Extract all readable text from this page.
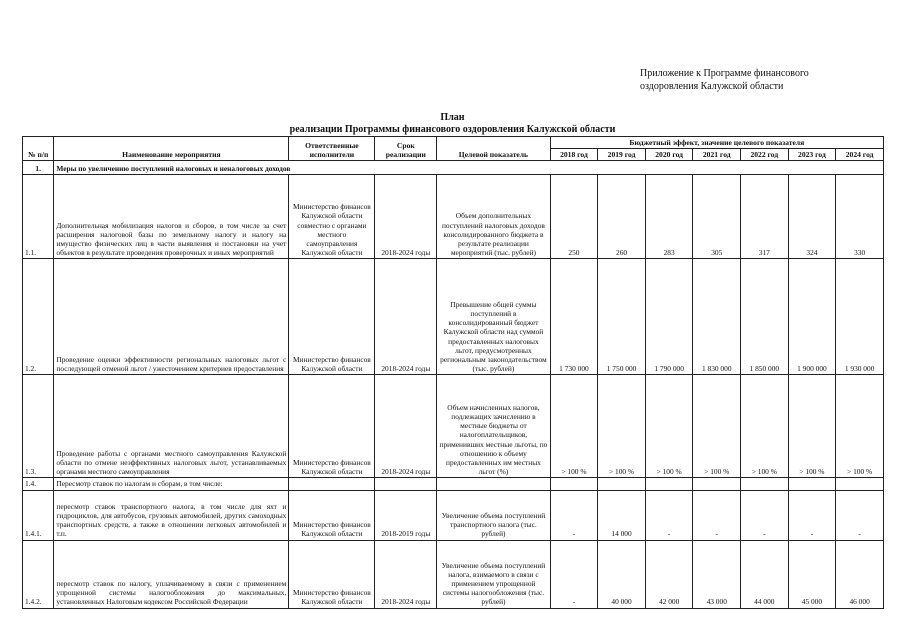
Приложение к Программе финансового
оздоровления Калужской области
План
реализации Программы финансового оздоровления Калужской области
№ п/п	Наименование мероприятия	Ответственные исполнители	Срок реализации	Целевой показатель	Бюджетный эффект, значение целевого показателя						
					2018 год	2019 год	2020 год	2021 год	2022 год	2023 год	2024 год
1.	Меры по увеличению поступлений налоговых и неналоговых доходов										
1.1.	Дополнительная мобилизация налогов и сборов, в том числе за счет расширения налоговой базы по земельному налогу и налогу на имущество физических лиц в части выявления и постановки на учет объектов в результате проведения проверочных и иных мероприятий	Министерство финансов Калужской области совместно с органами местного самоуправления Калужской области	2018-2024 годы	Объем дополнительных поступлений налоговых доходов консолидированного бюджета в результате реализации мероприятий (тыс. рублей)	250	260	283	305	317	324	330
1.2.	Проведение оценки эффективности региональных налоговых льгот с последующей отменой льгот / ужесточением критериев предоставления	Министерство финансов Калужской области	2018-2024 годы	Превышение общей суммы поступлений в консолидированный бюджет Калужской области над суммой предоставленных налоговых льгот, предусмотренных региональным законодательством (тыс. рублей)	1 730 000	1 750 000	1 790 000	1 830 000	1 850 000	1 900 000	1 930 000
1.3.	Проведение работы с органами местного самоуправления Калужской области по отмене неэффективных налоговых льгот, устанавливаемых органами местного самоуправления	Министерство финансов Калужской области	2018-2024 годы	Объем начисленных налогов, подлежащих зачислению в местные бюджеты от налогоплательщиков, применивших местные льготы, по отношению к объему предоставленных им местных льгот (%)	> 100 %	> 100 %	> 100 %	> 100 %	> 100 %	> 100 %	> 100 %
1.4.	Пересмотр ставок по налогам и сборам, в том числе:										
1.4.1.	пересмотр ставок транспортного налога, в том числе для яхт и гидроциклов, для автобусов, грузовых автомобилей, других самоходных транспортных средств, а также в отношении легковых автомобилей и т.п.	Министерство финансов Калужской области	2018-2019 годы	Увеличение объема поступлений транспортного налога (тыс. рублей)	-	14 000	-	-	-	-	-
1.4.2.	пересмотр ставок по налогу, уплачиваемому в связи с применением упрощенной системы налогообложения до максимальных, установленных Налоговым кодексом Российской Федерации	Министерство финансов Калужской области	2018-2024 годы	Увеличение объема поступлений налога, взимаемого в связи с применением упрощенной системы налогообложения (тыс. рублей)	-	40 000	42 000	43 000	44 000	45 000	46 000
